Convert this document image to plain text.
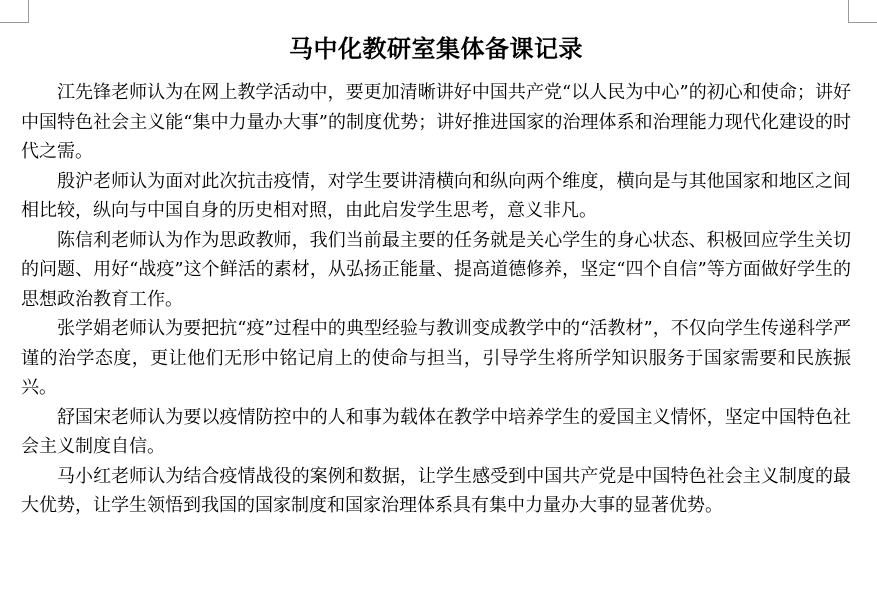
马中化教研室集体备课记录

江先锋老师认为在网上教学活动中，要更加清晰讲好中国共产党“以人民为中心”的初心和使命；讲好中国特色社会主义能“集中力量办大事”的制度优势；讲好推进国家的治理体系和治理能力现代化建设的时代之需。

殷沪老师认为面对此次抗击疫情，对学生要讲清横向和纵向两个维度，横向是与其他国家和地区之间相比较，纵向与中国自身的历史相对照，由此启发学生思考，意义非凡。

陈信利老师认为作为思政教师，我们当前最主要的任务就是关心学生的身心状态、积极回应学生关切的问题、用好“战疫”这个鲜活的素材，从弘扬正能量、提高道德修养，坚定“四个自信”等方面做好学生的思想政治教育工作。

张学娟老师认为要把抗“疫”过程中的典型经验与教训变成教学中的“活教材”，不仅向学生传递科学严谨的治学态度，更让他们无形中铭记肩上的使命与担当，引导学生将所学知识服务于国家需要和民族振兴。

舒国宋老师认为要以疫情防控中的人和事为载体在教学中培养学生的爱国主义情怀，坚定中国特色社会主义制度自信。

马小红老师认为结合疫情战役的案例和数据，让学生感受到中国共产党是中国特色社会主义制度的最大优势，让学生领悟到我国的国家制度和国家治理体系具有集中力量办大事的显著优势。
